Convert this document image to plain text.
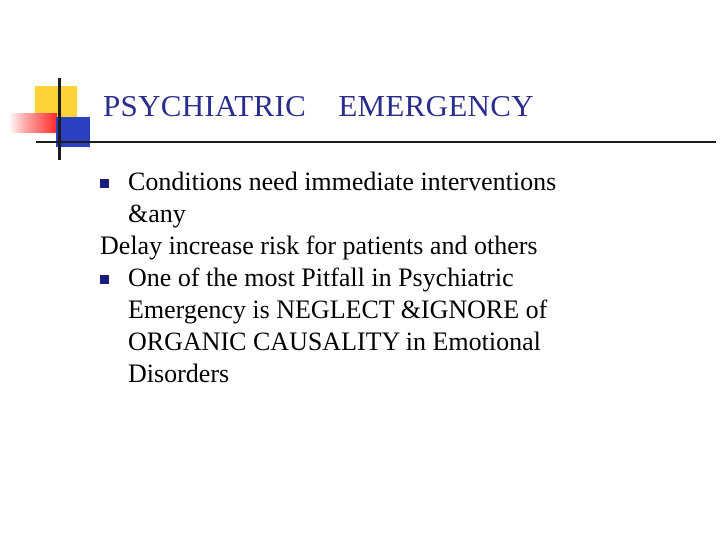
PSYCHIATRIC    EMERGENCY
Conditions need immediate interventions
&any
Delay increase risk for patients and others
One of the most Pitfall in Psychiatric
Emergency is NEGLECT &IGNORE of
ORGANIC CAUSALITY in Emotional
Disorders
